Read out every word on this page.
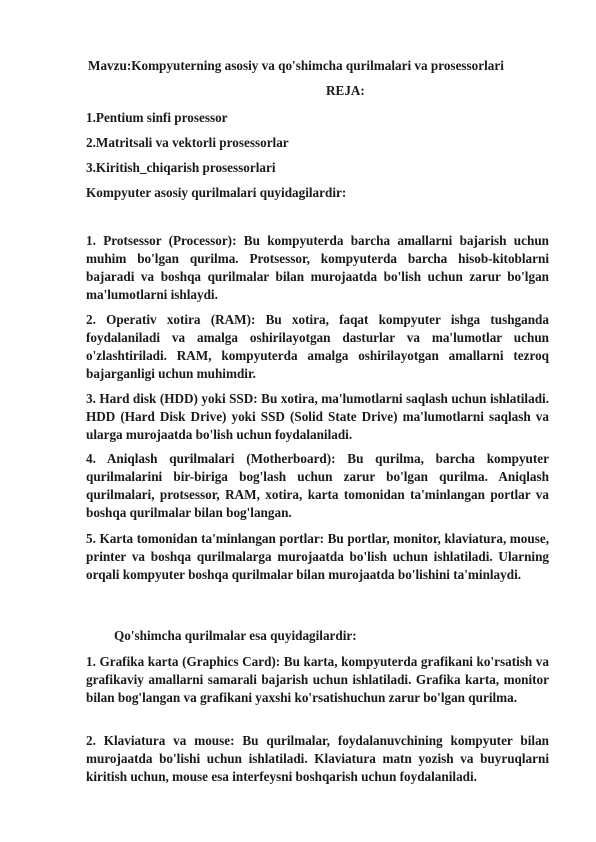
Mavzu:Kompyuterning asosiy va qo'shimcha qurilmalari va prosessorlari
REJA:
1.Pentium sinfi prosessor
2.Matritsali va vektorli prosessorlar
3.Kiritish_chiqarish prosessorlari
Kompyuter asosiy qurilmalari quyidagilardir:
1. Protsessor (Processor): Bu kompyuterda barcha amallarni bajarish uchun muhim bo'lgan qurilma. Protsessor, kompyuterda barcha hisob-kitoblarni bajaradi va boshqa qurilmalar bilan murojaatda bo'lish uchun zarur bo'lgan ma'lumotlarni ishlaydi.
2. Operativ xotira (RAM): Bu xotira, faqat kompyuter ishga tushganda foydalaniladi va amalga oshirilayotgan dasturlar va ma'lumotlar uchun o'zlashtiriladi. RAM, kompyuterda amalga oshirilayotgan amallarni tezroq bajarganligi uchun muhimdir.
3. Hard disk (HDD) yoki SSD: Bu xotira, ma'lumotlarni saqlash uchun ishlatiladi. HDD (Hard Disk Drive) yoki SSD (Solid State Drive) ma'lumotlarni saqlash va ularga murojaatda bo'lish uchun foydalaniladi.
4. Aniqlash qurilmalari (Motherboard): Bu qurilma, barcha kompyuter qurilmalarini bir-biriga bog'lash uchun zarur bo'lgan qurilma. Aniqlash qurilmalari, protsessor, RAM, xotira, karta tomonidan ta'minlangan portlar va boshqa qurilmalar bilan bog'langan.
5. Karta tomonidan ta'minlangan portlar: Bu portlar, monitor, klaviatura, mouse, printer va boshqa qurilmalarga murojaatda bo'lish uchun ishlatiladi. Ularning orqali kompyuter boshqa qurilmalar bilan murojaatda bo'lishini ta'minlaydi.
Qo'shimcha qurilmalar esa quyidagilardir:
1. Grafika karta (Graphics Card): Bu karta, kompyuterda grafikani ko'rsatish va grafikaviy amallarni samarali bajarish uchun ishlatiladi. Grafika karta, monitor bilan bog'langan va grafikani yaxshi ko'rsatishuchun zarur bo'lgan qurilma.
2. Klaviatura va mouse: Bu qurilmalar, foydalanuvchining kompyuter bilan murojaatda bo'lishi uchun ishlatiladi. Klaviatura matn yozish va buyruqlarni kiritish uchun, mouse esa interfeysni boshqarish uchun foydalaniladi.
